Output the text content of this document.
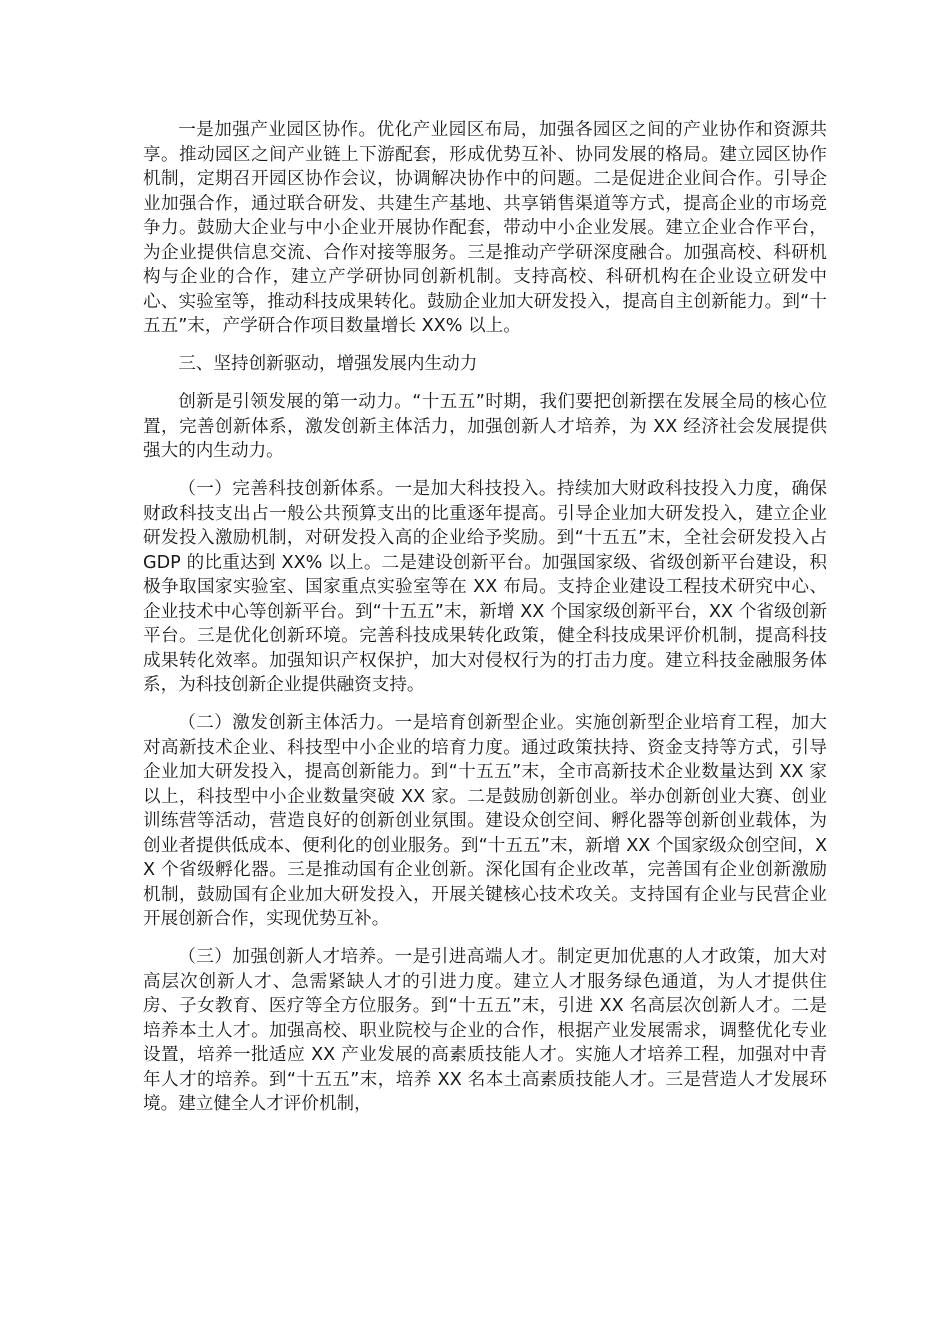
一是加强产业园区协作。优化产业园区布局，加强各园区之间的产业协作和资源共享。推动园区之间产业链上下游配套，形成优势互补、协同发展的格局。建立园区协作机制，定期召开园区协作会议，协调解决协作中的问题。二是促进企业间合作。引导企业加强合作，通过联合研发、共建生产基地、共享销售渠道等方式，提高企业的市场竞争力。鼓励大企业与中小企业开展协作配套，带动中小企业发展。建立企业合作平台，为企业提供信息交流、合作对接等服务。三是推动产学研深度融合。加强高校、科研机构与企业的合作，建立产学研协同创新机制。支持高校、科研机构在企业设立研发中心、实验室等，推动科技成果转化。鼓励企业加大研发投入，提高自主创新能力。到“十五五”末，产学研合作项目数量增长 XX% 以上。

三、坚持创新驱动，增强发展内生动力

创新是引领发展的第一动力。“十五五”时期，我们要把创新摆在发展全局的核心位置，完善创新体系，激发创新主体活力，加强创新人才培养，为 XX 经济社会发展提供强大的内生动力。

（一）完善科技创新体系。一是加大科技投入。持续加大财政科技投入力度，确保财政科技支出占一般公共预算支出的比重逐年提高。引导企业加大研发投入，建立企业研发投入激励机制，对研发投入高的企业给予奖励。到“十五五”末，全社会研发投入占 GDP 的比重达到 XX% 以上。二是建设创新平台。加强国家级、省级创新平台建设，积极争取国家实验室、国家重点实验室等在 XX 布局。支持企业建设工程技术研究中心、企业技术中心等创新平台。到“十五五”末，新增 XX 个国家级创新平台，XX 个省级创新平台。三是优化创新环境。完善科技成果转化政策，健全科技成果评价机制，提高科技成果转化效率。加强知识产权保护，加大对侵权行为的打击力度。建立科技金融服务体系，为科技创新企业提供融资支持。

（二）激发创新主体活力。一是培育创新型企业。实施创新型企业培育工程，加大对高新技术企业、科技型中小企业的培育力度。通过政策扶持、资金支持等方式，引导企业加大研发投入，提高创新能力。到“十五五”末，全市高新技术企业数量达到 XX 家以上，科技型中小企业数量突破 XX 家。二是鼓励创新创业。举办创新创业大赛、创业训练营等活动，营造良好的创新创业氛围。建设众创空间、孵化器等创新创业载体，为创业者提供低成本、便利化的创业服务。到“十五五”末，新增 XX 个国家级众创空间，XX 个省级孵化器。三是推动国有企业创新。深化国有企业改革，完善国有企业创新激励机制，鼓励国有企业加大研发投入，开展关键核心技术攻关。支持国有企业与民营企业开展创新合作，实现优势互补。

（三）加强创新人才培养。一是引进高端人才。制定更加优惠的人才政策，加大对高层次创新人才、急需紧缺人才的引进力度。建立人才服务绿色通道，为人才提供住房、子女教育、医疗等全方位服务。到“十五五”末，引进 XX 名高层次创新人才。二是培养本土人才。加强高校、职业院校与企业的合作，根据产业发展需求，调整优化专业设置，培养一批适应 XX 产业发展的高素质技能人才。实施人才培养工程，加强对中青年人才的培养。到“十五五”末，培养 XX 名本土高素质技能人才。三是营造人才发展环境。建立健全人才评价机制，
